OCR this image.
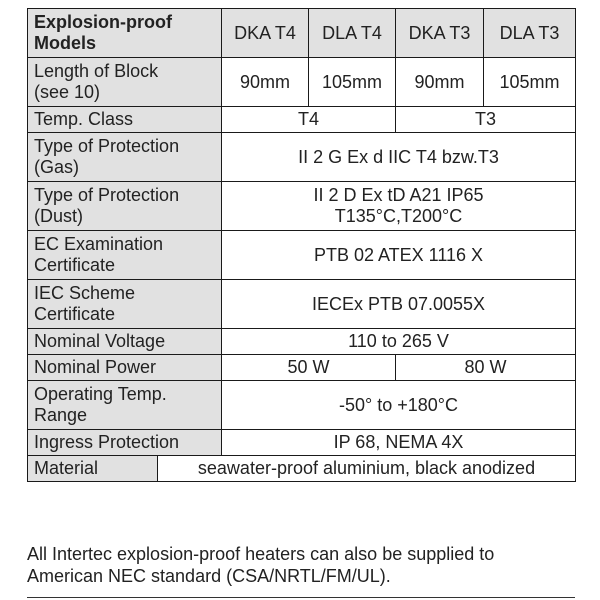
Explosion-proof
Models		DKA T4	DLA T4	DKA T3	DLA T3
Length of Block
(see 10)		90mm	105mm	90mm	105mm
Temp. Class		T4		T3	
Type of Protection
(Gas)		II 2 G Ex d IIC T4 bzw.T3			
Type of Protection
(Dust)		II 2 D Ex tD A21 IP65
T135°C,T200°C			
EC Examination
Certificate		PTB 02 ATEX 1116 X			
IEC Scheme
Certificate		IECEx PTB 07.0055X			
Nominal Voltage		110 to 265 V			
Nominal Power		50 W		80 W	
Operating Temp.
Range		-50° to +180°C			
Ingress Protection		IP 68, NEMA 4X			
Material	seawater-proof aluminium, black anodized				
All Intertec explosion-proof heaters can also be supplied to
American NEC standard (CSA/NRTL/FM/UL).
